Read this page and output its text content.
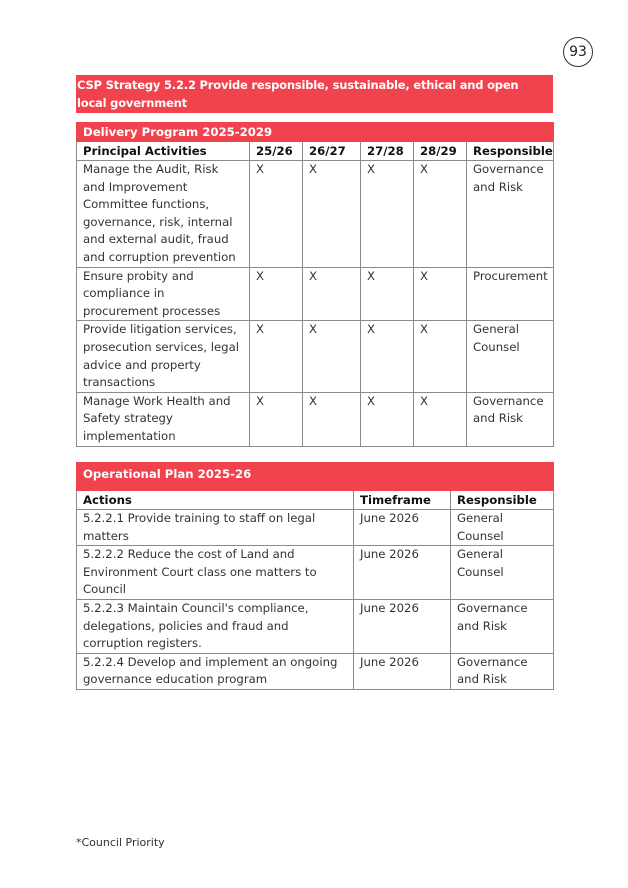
93
CSP Strategy 5.2.2 Provide responsible, sustainable, ethical and open local government
Delivery Program 2025-2029					
Principal Activities	25/26	26/27	27/28	28/29	Responsible
Manage the Audit, Risk and Improvement Committee functions, governance, risk, internal and external audit, fraud and corruption prevention	X	X	X	X	Governance and Risk
Ensure probity and compliance in procurement processes	X	X	X	X	Procurement
Provide litigation services, prosecution services, legal advice and property transactions	X	X	X	X	General Counsel
Manage Work Health and Safety strategy implementation	X	X	X	X	Governance and Risk
Operational Plan 2025-26		
Actions	Timeframe	Responsible
5.2.2.1 Provide training to staff on legal matters	June 2026	General Counsel
5.2.2.2 Reduce the cost of Land and Environment Court class one matters to Council	June 2026	General Counsel
5.2.2.3 Maintain Council's compliance, delegations, policies and fraud and corruption registers.	June 2026	Governance and Risk
5.2.2.4 Develop and implement an ongoing governance education program	June 2026	Governance and Risk
*Council Priority
